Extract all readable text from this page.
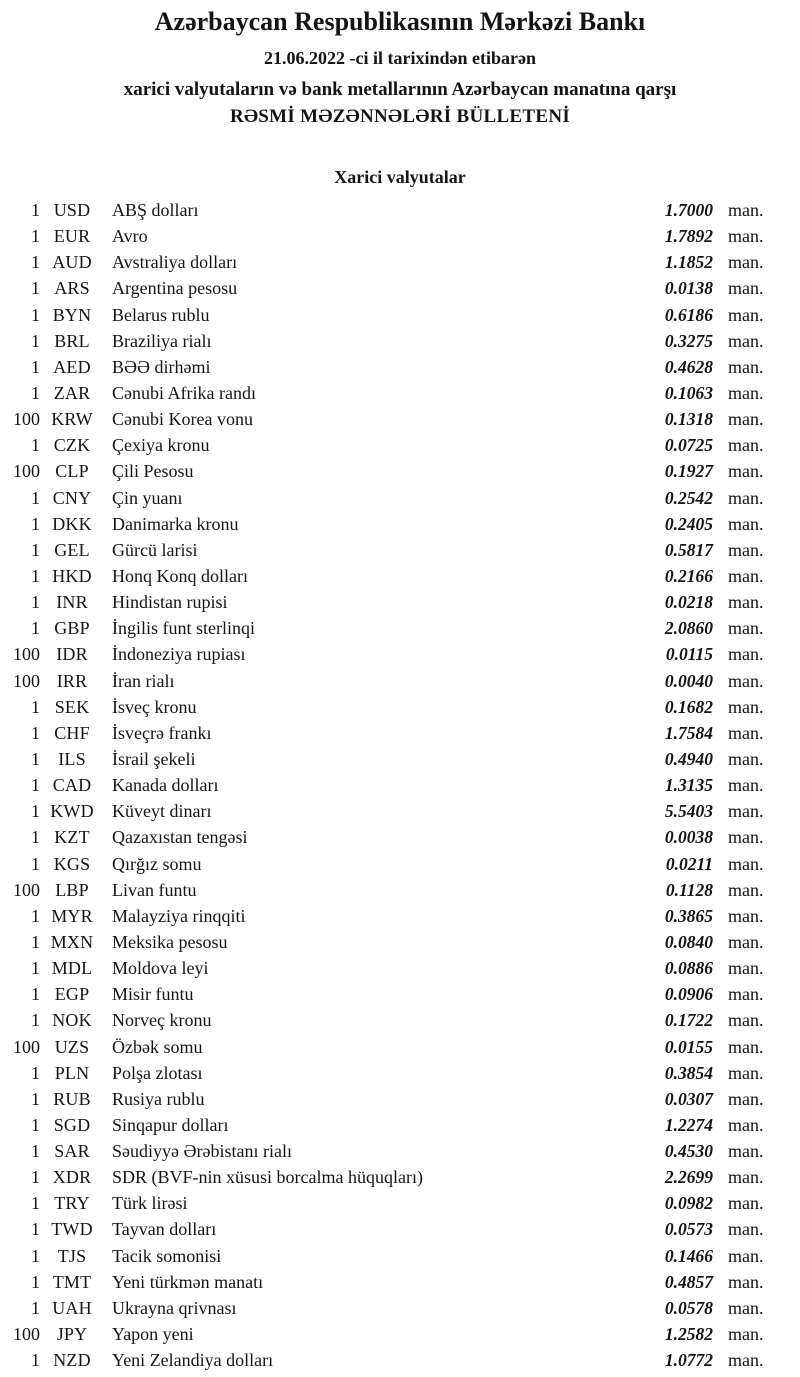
Azərbaycan Respublikasının Mərkəzi Bankı
21.06.2022 -ci il tarixindən etibarən
xarici valyutaların və bank metallarının Azərbaycan manatına qarşı
RƏSMİ MƏZƏNNƏLƏRİ BÜLLETENİ
Xarici valyutalar
1 USD	ABŞ dolları	1.7000 man.
1 EUR	Avro	1.7892 man.
1 AUD	Avstraliya dolları	1.1852 man.
1 ARS	Argentina pesosu	0.0138 man.
1 BYN	Belarus rublu	0.6186 man.
1 BRL	Braziliya rialı	0.3275 man.
1 AED	BƏƏ dirhəmi	0.4628 man.
1 ZAR	Cənubi Afrika randı	0.1063 man.
100 KRW	Cənubi Korea vonu	0.1318 man.
1 CZK	Çexiya kronu	0.0725 man.
100 CLP	Çili Pesosu	0.1927 man.
1 CNY	Çin yuanı	0.2542 man.
1 DKK	Danimarka kronu	0.2405 man.
1 GEL	Gürcü larisi	0.5817 man.
1 HKD	Honq Konq dolları	0.2166 man.
1 INR	Hindistan rupisi	0.0218 man.
1 GBP	İngilis funt sterlinqi	2.0860 man.
100 IDR	İndoneziya rupiası	0.0115 man.
100 IRR	İran rialı	0.0040 man.
1 SEK	İsveç kronu	0.1682 man.
1 CHF	İsveçrə frankı	1.7584 man.
1	ILS	İsrail şekeli	0.4940 man.
1 CAD	Kanada dolları	1.3135 man.
1 KWD	Küveyt dinarı	5.5403 man.
1 KZT	Qazaxıstan tengəsi	0.0038 man.
1 KGS	Qırğız somu	0.0211 man.
100 LBP	Livan funtu	0.1128 man.
1 MYR	Malayziya rinqqiti	0.3865 man.
1 MXN	Meksika pesosu	0.0840 man.
1 MDL	Moldova leyi	0.0886 man.
1 EGP	Misir funtu	0.0906 man.
1 NOK	Norveç kronu	0.1722 man.
100 UZS	Özbək somu	0.0155 man.
1 PLN	Polşa zlotası	0.3854 man.
1 RUB	Rusiya rublu	0.0307 man.
1 SGD	Sinqapur dolları	1.2274 man.
1 SAR	Səudiyyə Ərəbistanı rialı	0.4530 man.
1 XDR	SDR (BVF-nin xüsusi borcalma hüquqları)	2.2699 man.
1 TRY	Türk lirəsi	0.0982 man.
1 TWD	Tayvan dolları	0.0573 man.
1 TJS	Tacik somonisi	0.1466 man.
1 TMT	Yeni türkmən manatı	0.4857 man.
1 UAH	Ukrayna qrivnası	0.0578 man.
100 JPY	Yapon yeni	1.2582 man.
1 NZD	Yeni Zelandiya dolları	1.0772 man.
